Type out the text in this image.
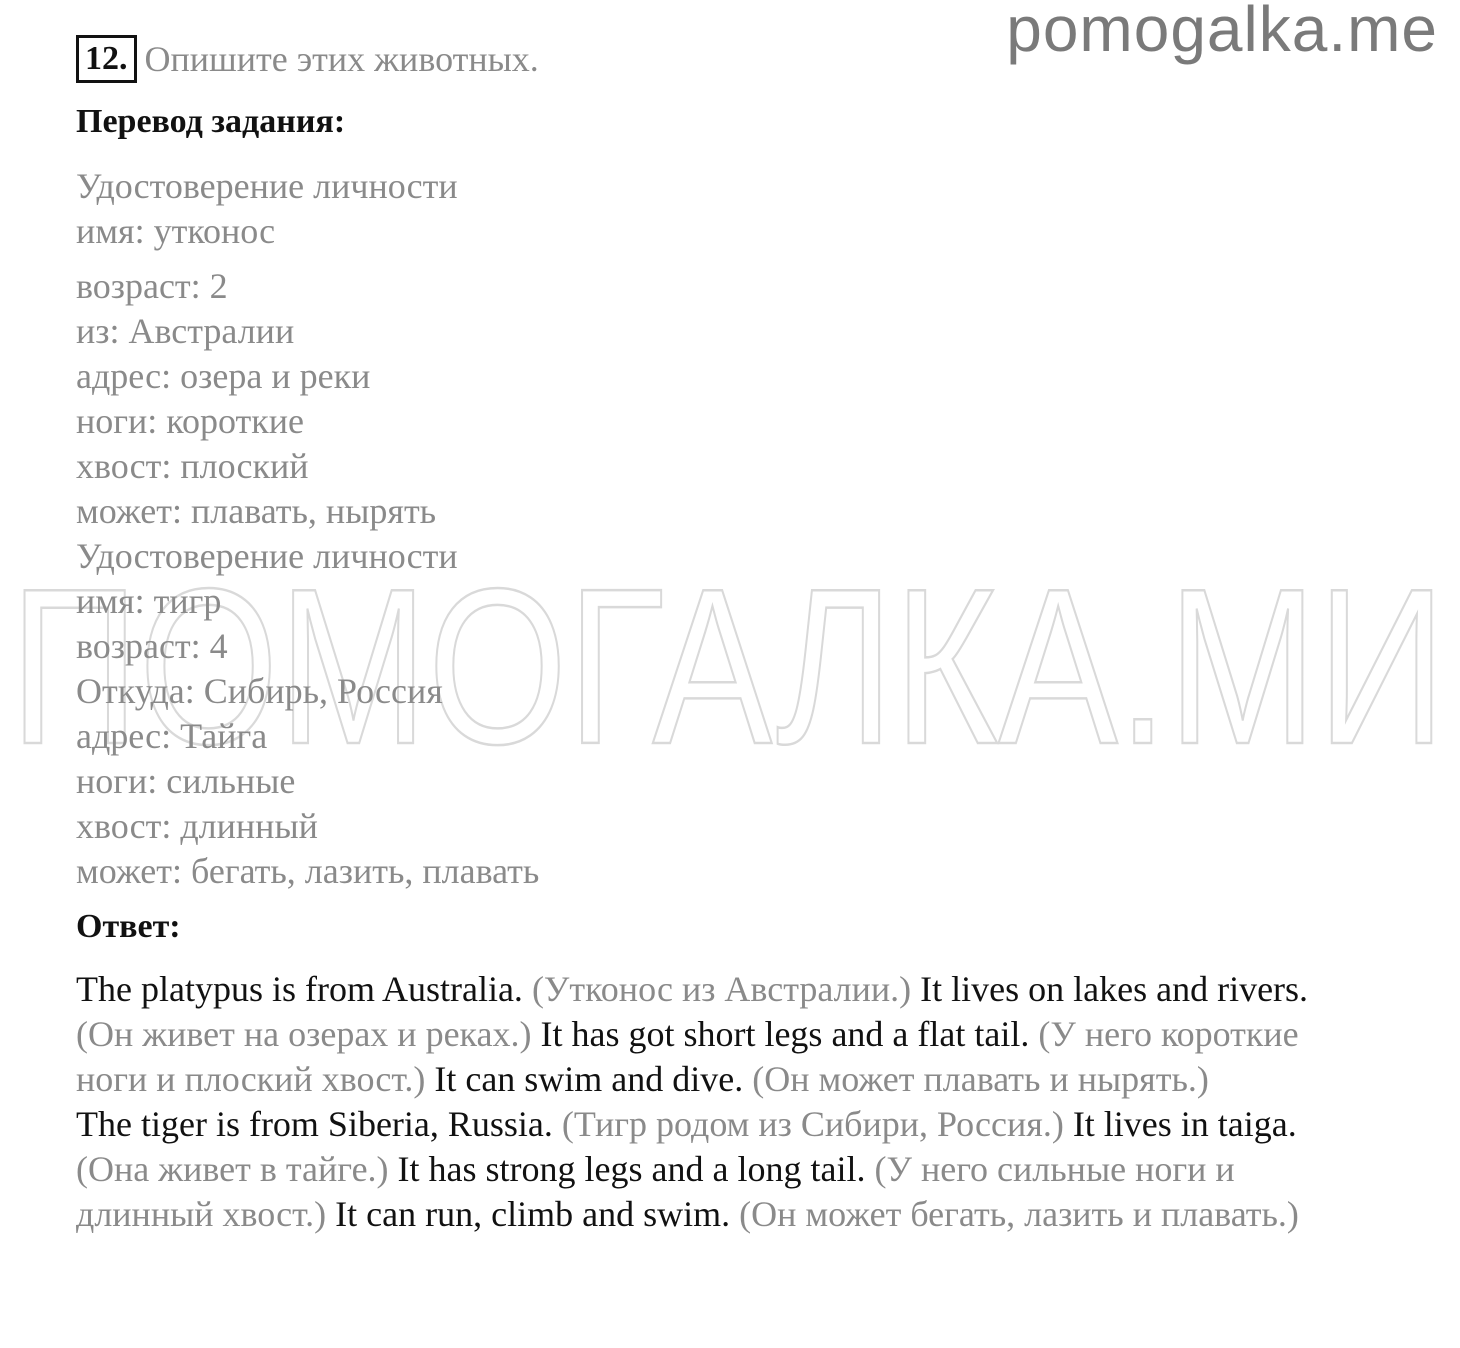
pomogalka.me
ПОМОГАЛКА.МИ
12. Опишите этих животных.
Перевод задания:
Удостоверение личности
имя: утконос
возраст: 2
из: Австралии
адрес: озера и реки
ноги: короткие
хвост: плоский
может: плавать, нырять
Удостоверение личности
имя: тигр
возраст: 4
Откуда: Сибирь, Россия
адрес: Тайга
ноги: сильные
хвост: длинный
может: бегать, лазить, плавать
Ответ:

The platypus is from Australia. (Утконос из Австралии.) It lives on lakes and rivers. (Он живет на озерах и реках.) It has got short legs and a flat tail. (У него короткие ноги и плоский хвост.) It can swim and dive. (Он может плавать и нырять.)

The tiger is from Siberia, Russia. (Тигр родом из Сибири, Россия.) It lives in taiga. (Она живет в тайге.) It has strong legs and a long tail. (У него сильные ноги и длинный хвост.) It can run, climb and swim. (Он может бегать, лазить и плавать.)
